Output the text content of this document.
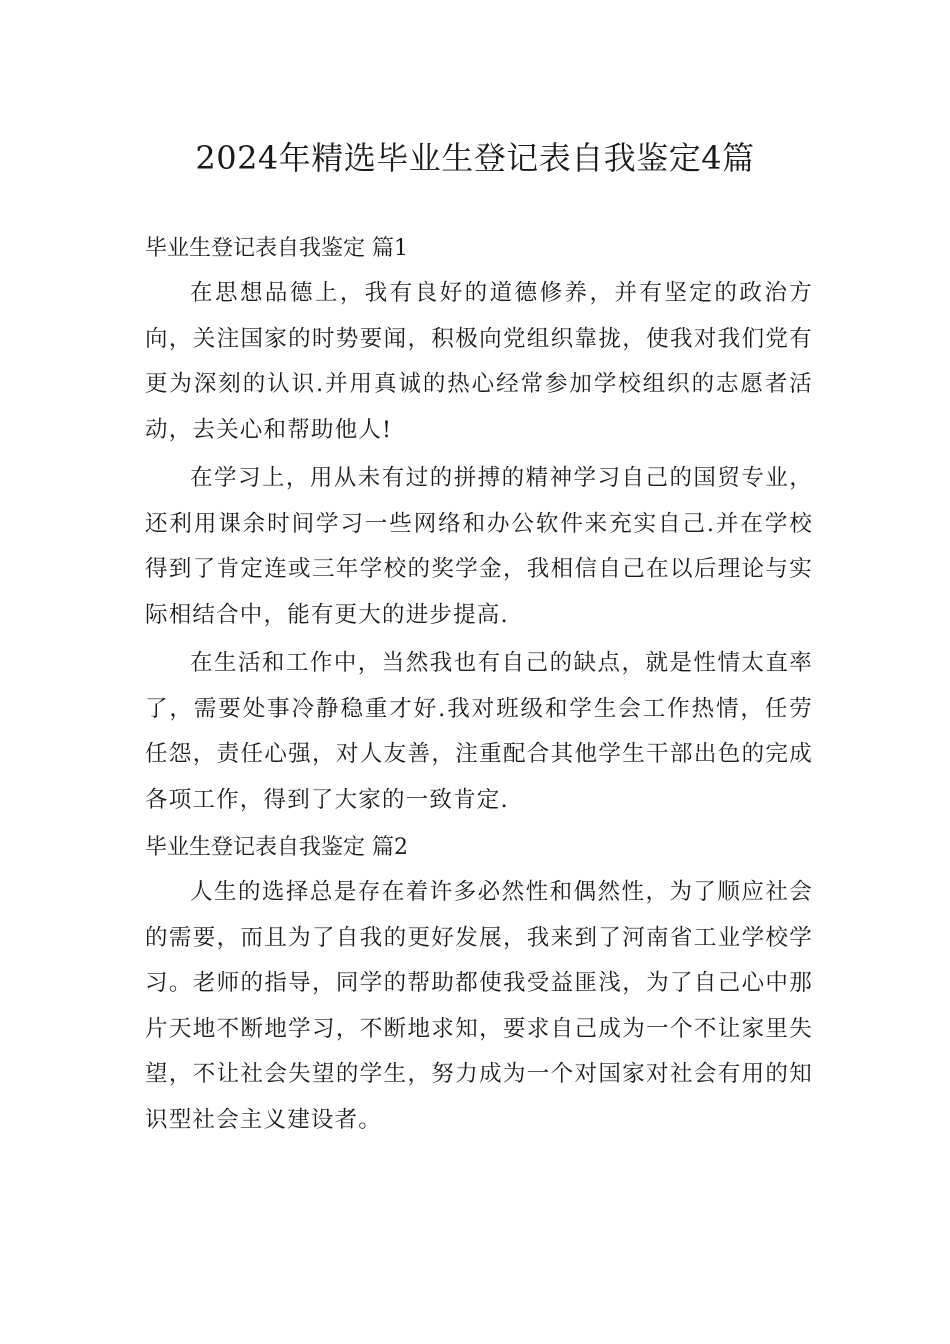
2024年精选毕业生登记表自我鉴定4篇
毕业生登记表自我鉴定 篇1

在思想品德上，我有良好的道德修养，并有坚定的政治方向，关注国家的时势要闻，积极向党组织靠拢，使我对我们党有更为深刻的认识.并用真诚的热心经常参加学校组织的志愿者活动，去关心和帮助他人!

在学习上，用从未有过的拼搏的精神学习自己的国贸专业，还利用课余时间学习一些网络和办公软件来充实自己.并在学校得到了肯定连或三年学校的奖学金，我相信自己在以后理论与实际相结合中，能有更大的进步提高.

在生活和工作中，当然我也有自己的缺点，就是性情太直率了，需要处事冷静稳重才好.我对班级和学生会工作热情，任劳任怨，责任心强，对人友善，注重配合其他学生干部出色的完成各项工作，得到了大家的一致肯定.

毕业生登记表自我鉴定 篇2

人生的选择总是存在着许多必然性和偶然性，为了顺应社会的需要，而且为了自我的更好发展，我来到了河南省工业学校学习。老师的指导，同学的帮助都使我受益匪浅，为了自己心中那片天地不断地学习，不断地求知，要求自己成为一个不让家里失望，不让社会失望的学生，努力成为一个对国家对社会有用的知识型社会主义建设者。
